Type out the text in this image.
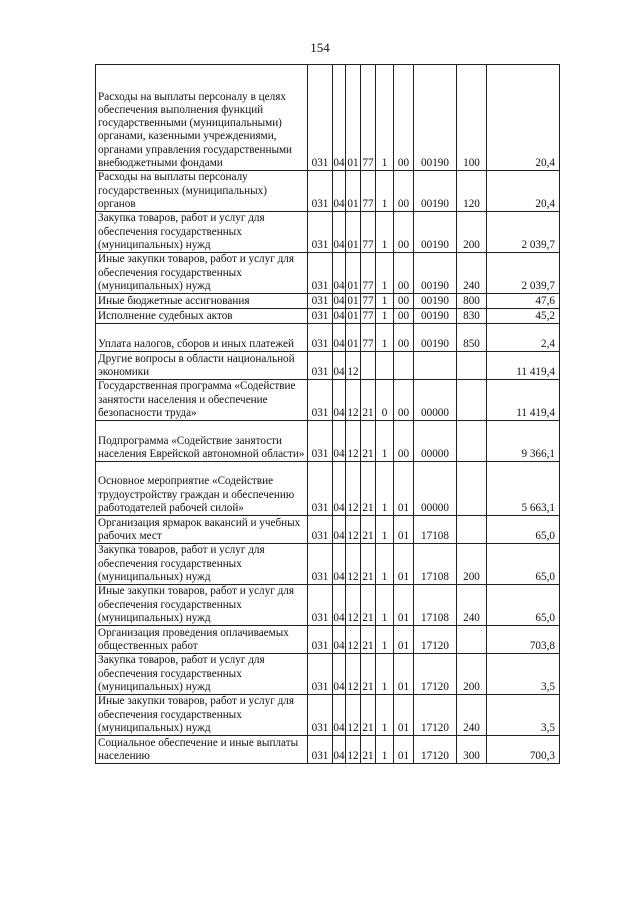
154
Расходы на выплаты персоналу в целях обеспечения выполнения функций государственными (муниципальными) органами, казенными учреждениями, органами управления государственными внебюджетными фондами	031	04	01	77	1	00	00190	100	20,4
Расходы на выплаты персоналу государственных (муниципальных) органов	031	04	01	77	1	00	00190	120	20,4
Закупка товаров, работ и услуг для обеспечения государственных (муниципальных) нужд	031	04	01	77	1	00	00190	200	2 039,7
Иные закупки товаров, работ и услуг для обеспечения государственных (муниципальных) нужд	031	04	01	77	1	00	00190	240	2 039,7
Иные бюджетные ассигнования	031	04	01	77	1	00	00190	800	47,6
Исполнение судебных актов	031	04	01	77	1	00	00190	830	45,2
Уплата налогов, сборов и иных платежей	031	04	01	77	1	00	00190	850	2,4
Другие вопросы в области национальной экономики	031	04	12						11 419,4
Государственная программа «Содействие занятости населения и обеспечение безопасности труда»	031	04	12	21	0	00	00000		11 419,4
Подпрограмма «Содействие занятости населения Еврейской автономной области»	031	04	12	21	1	00	00000		9 366,1
Основное мероприятие «Содействие трудоустройству граждан и обеспечению работодателей рабочей силой»	031	04	12	21	1	01	00000		5 663,1
Организация ярмарок вакансий и учебных рабочих мест	031	04	12	21	1	01	17108		65,0
Закупка товаров, работ и услуг для обеспечения государственных (муниципальных) нужд	031	04	12	21	1	01	17108	200	65,0
Иные закупки товаров, работ и услуг для обеспечения государственных (муниципальных) нужд	031	04	12	21	1	01	17108	240	65,0
Организация проведения оплачиваемых общественных работ	031	04	12	21	1	01	17120		703,8
Закупка товаров, работ и услуг для обеспечения государственных (муниципальных) нужд	031	04	12	21	1	01	17120	200	3,5
Иные закупки товаров, работ и услуг для обеспечения государственных (муниципальных) нужд	031	04	12	21	1	01	17120	240	3,5
Социальное обеспечение и иные выплаты населению	031	04	12	21	1	01	17120	300	700,3
